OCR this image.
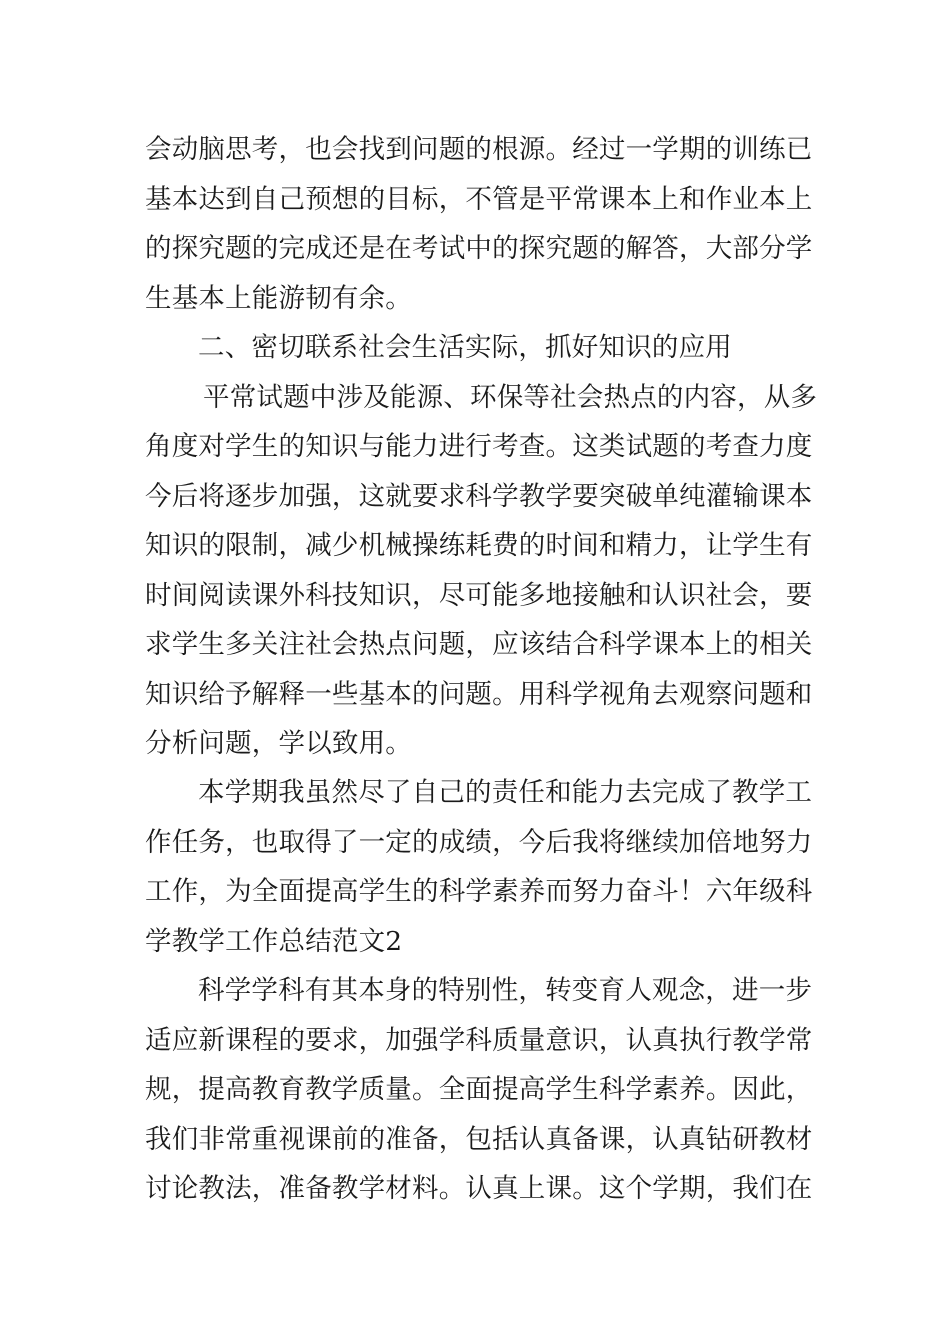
会动脑思考，也会找到问题的根源。经过一学期的训练已
基本达到自己预想的目标，不管是平常课本上和作业本上
的探究题的完成还是在考试中的探究题的解答，大部分学
生基本上能游韧有余。
二、密切联系社会生活实际，抓好知识的应用
平常试题中涉及能源、环保等社会热点的内容，从多
角度对学生的知识与能力进行考查。这类试题的考查力度
今后将逐步加强，这就要求科学教学要突破单纯灌输课本
知识的限制，减少机械操练耗费的时间和精力，让学生有
时间阅读课外科技知识，尽可能多地接触和认识社会，要
求学生多关注社会热点问题，应该结合科学课本上的相关
知识给予解释一些基本的问题。用科学视角去观察问题和
分析问题，学以致用。
本学期我虽然尽了自己的责任和能力去完成了教学工
作任务，也取得了一定的成绩，今后我将继续加倍地努力
工作，为全面提高学生的科学素养而努力奋斗！六年级科
学教学工作总结范文2
科学学科有其本身的特别性，转变育人观念，进一步
适应新课程的要求，加强学科质量意识，认真执行教学常
规，提高教育教学质量。全面提高学生科学素养。因此，
我们非常重视课前的准备，包括认真备课，认真钻研教材
讨论教法，准备教学材料。认真上课。这个学期，我们在
